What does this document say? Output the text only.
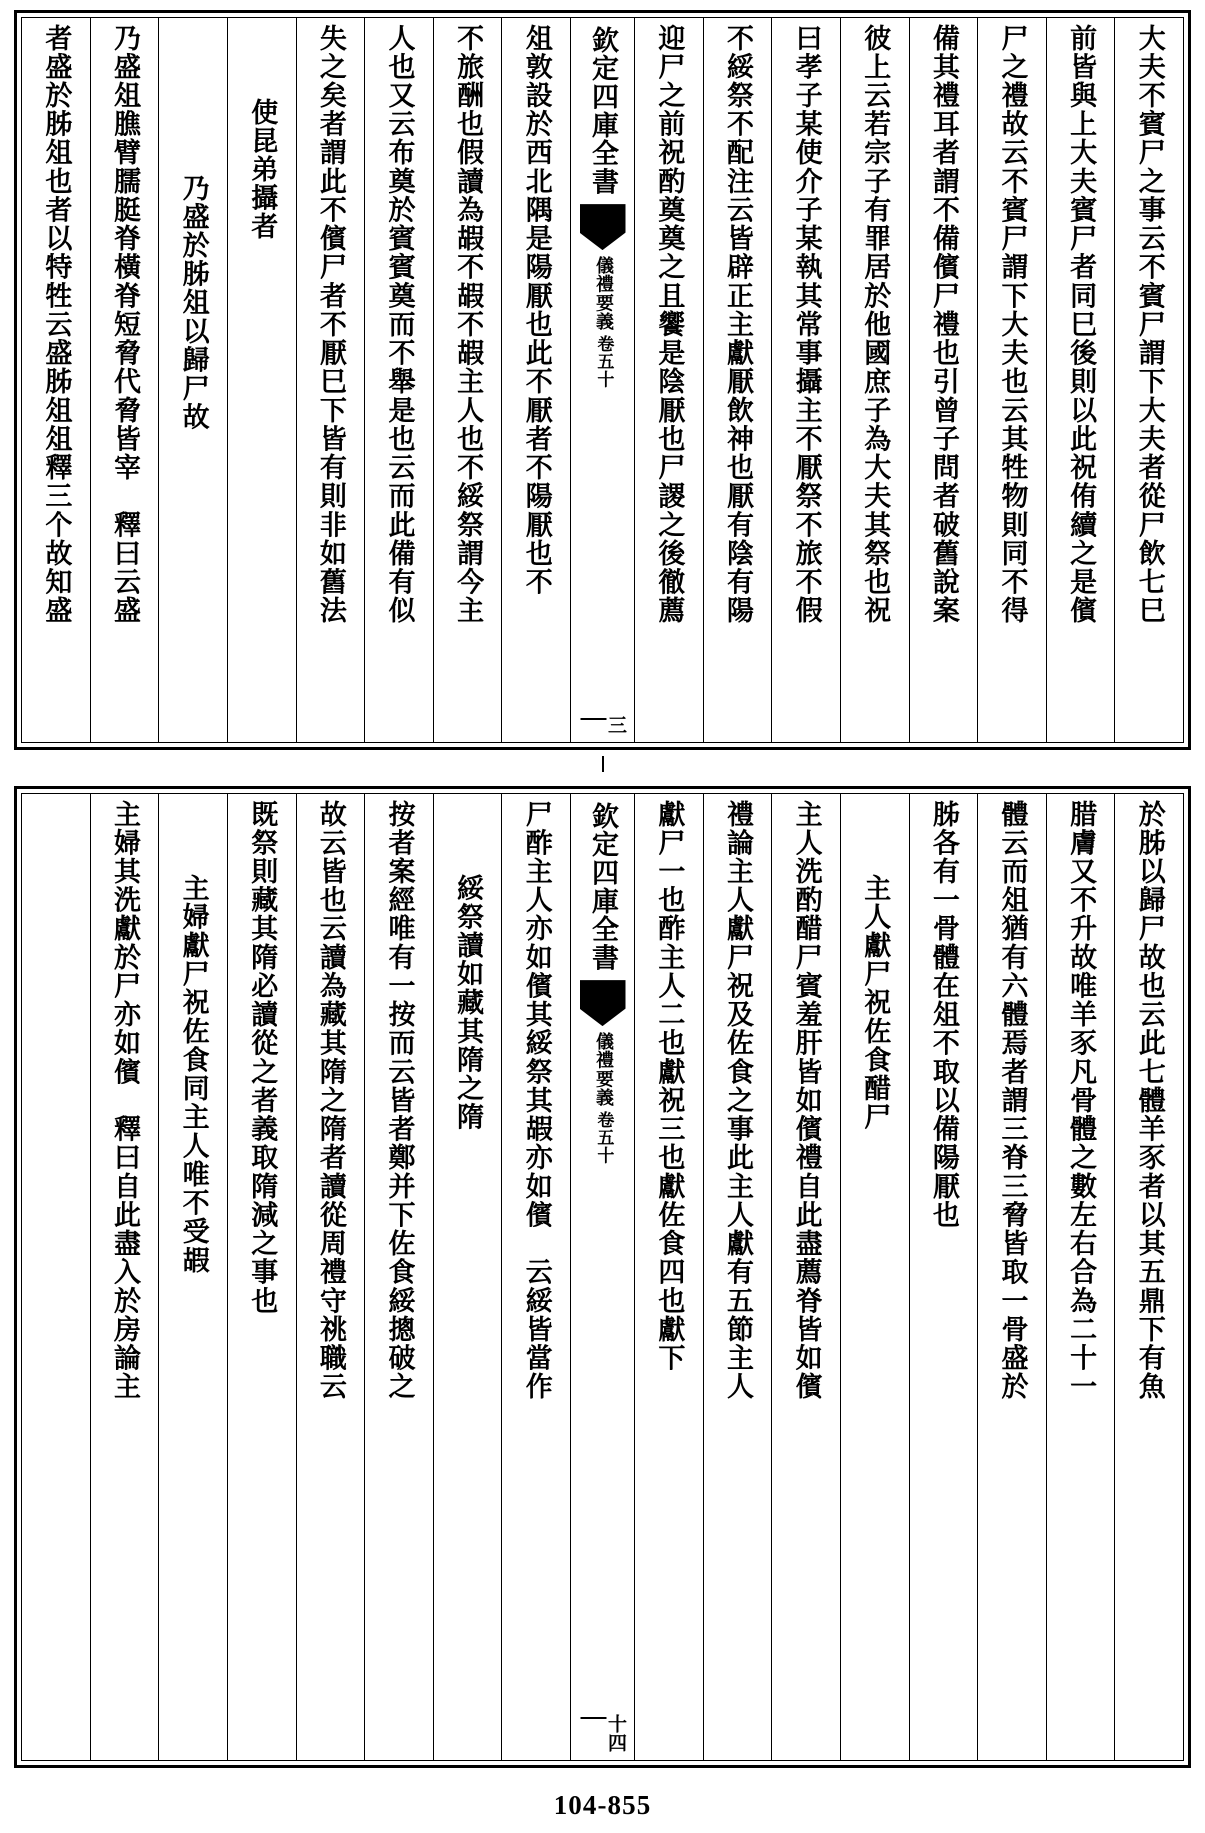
大夫不賓尸之事云不賓尸謂下大夫者從尸飲七巳
前皆與上大夫賓尸者同巳後則以此祝侑續之是儐
尸之禮故云不賓尸謂下大夫也云其牲物則同不得
備其禮耳者謂不備儐尸禮也引曾子問者破舊說案
彼上云若宗子有罪居於他國庶子為大夫其祭也祝
曰孝子某使介子某執其常事攝主不厭祭不旅不假
不綏祭不配注云皆辟正主獻厭飲神也厭有陰有陽
迎尸之前祝酌奠奠之且饗是陰厭也尸謖之後徹薦
欽定四庫全書
儀禮要義
卷五十
三
俎敦設於西北隅是陽厭也此不厭者不陽厭也不
不旅酬也假讀為嘏不嘏不嘏主人也不綏祭謂今主
人也又云布奠於賓賓奠而不舉是也云而此備有似
失之矣者謂此不儐尸者不厭巳下皆有則非如舊法
使昆弟攝者
乃盛於胏俎以歸尸故
乃盛俎膲臂臑脡脊橫脊短脅代脅皆宰　釋曰云盛
者盛於胏俎也者以特牲云盛胏俎俎釋三个故知盛
於胏以歸尸故也云此七體羊豕者以其五鼎下有魚
腊膚又不升故唯羊豕凡骨體之數左右合為二十一
體云而俎猶有六體焉者謂三脊三脅皆取一骨盛於
胏各有一骨體在俎不取以備陽厭也
主人獻尸祝佐食醋尸
主人洗酌醋尸賓羞肝皆如儐禮自此盡薦脊皆如儐
禮論主人獻尸祝及佐食之事此主人獻有五節主人
獻尸一也酢主人二也獻祝三也獻佐食四也獻下
欽定四庫全書
儀禮要義
卷五十
十四
尸酢主人亦如儐其綏祭其嘏亦如儐　云綏皆當作
綏祭讀如藏其隋之隋
按者案經唯有一按而云皆者鄭并下佐食綏摠破之
故云皆也云讀為藏其隋之隋者讀從周禮守祧職云
既祭則藏其隋必讀從之者義取隋減之事也
主婦獻尸祝佐食同主人唯不受嘏
主婦其洗獻於尸亦如儐　釋曰自此盡入於房論主
104-855
